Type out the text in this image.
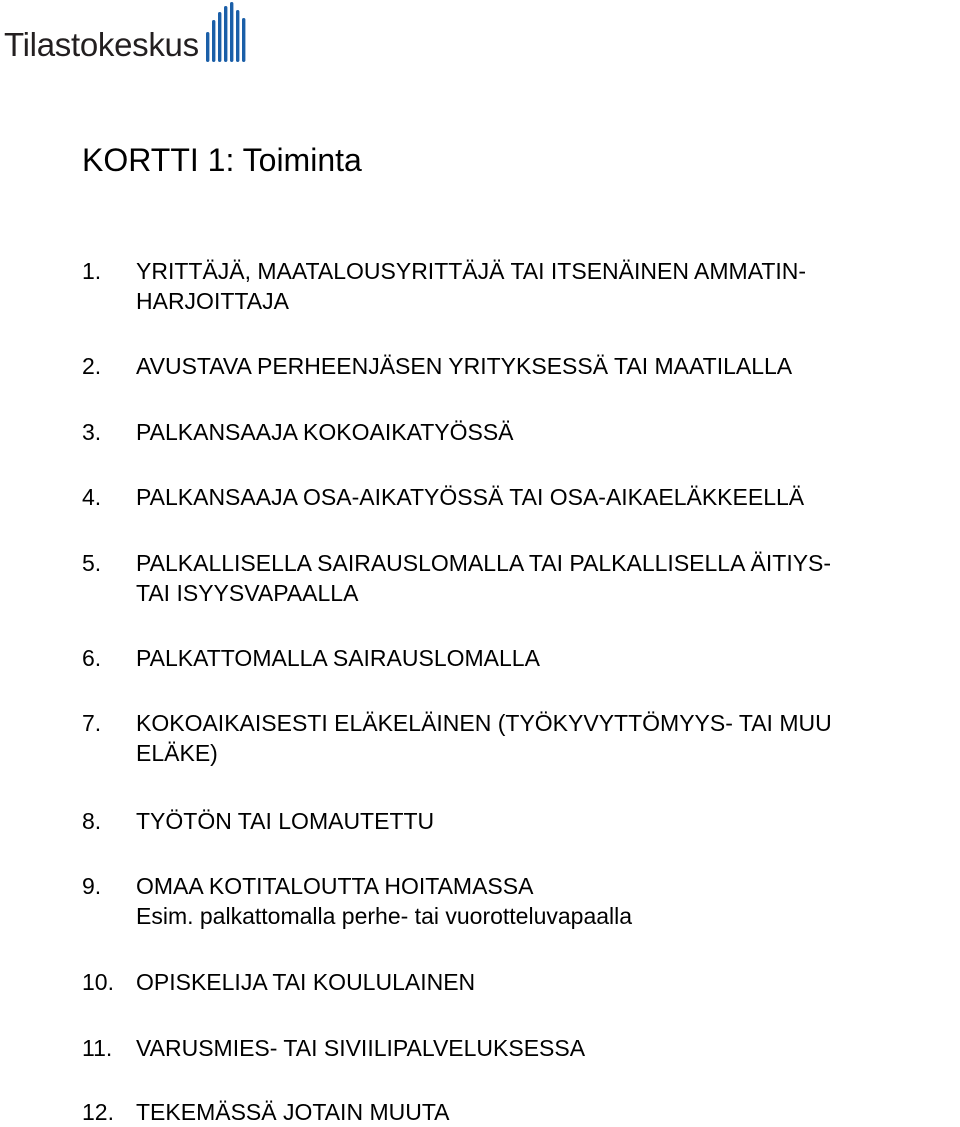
Tilastokeskus
KORTTI 1: Toiminta
1. YRITTÄJÄ, MAATALOUSYRITTÄJÄ TAI ITSENÄINEN AMMATIN-
HARJOITTAJA
2. AVUSTAVA PERHEENJÄSEN YRITYKSESSÄ TAI MAATILALLA
3. PALKANSAAJA KOKOAIKATYÖSSÄ
4. PALKANSAAJA OSA-AIKATYÖSSÄ TAI OSA-AIKAELÄKKEELLÄ
5. PALKALLISELLA SAIRAUSLOMALLA TAI PALKALLISELLA ÄITIYS-
TAI ISYYSVAPAALLA
6. PALKATTOMALLA SAIRAUSLOMALLA
7. KOKOAIKAISESTI ELÄKELÄINEN (TYÖKYVYTTÖMYYS- TAI MUU
ELÄKE)
8. TYÖTÖN TAI LOMAUTETTU
9. OMAA KOTITALOUTTA HOITAMASSA
Esim. palkattomalla perhe- tai vuorotteluvapaalla
10. OPISKELIJA TAI KOULULAINEN
11. VARUSMIES- TAI SIVIILIPALVELUKSESSA
12. TEKEMÄSSÄ JOTAIN MUUTA
